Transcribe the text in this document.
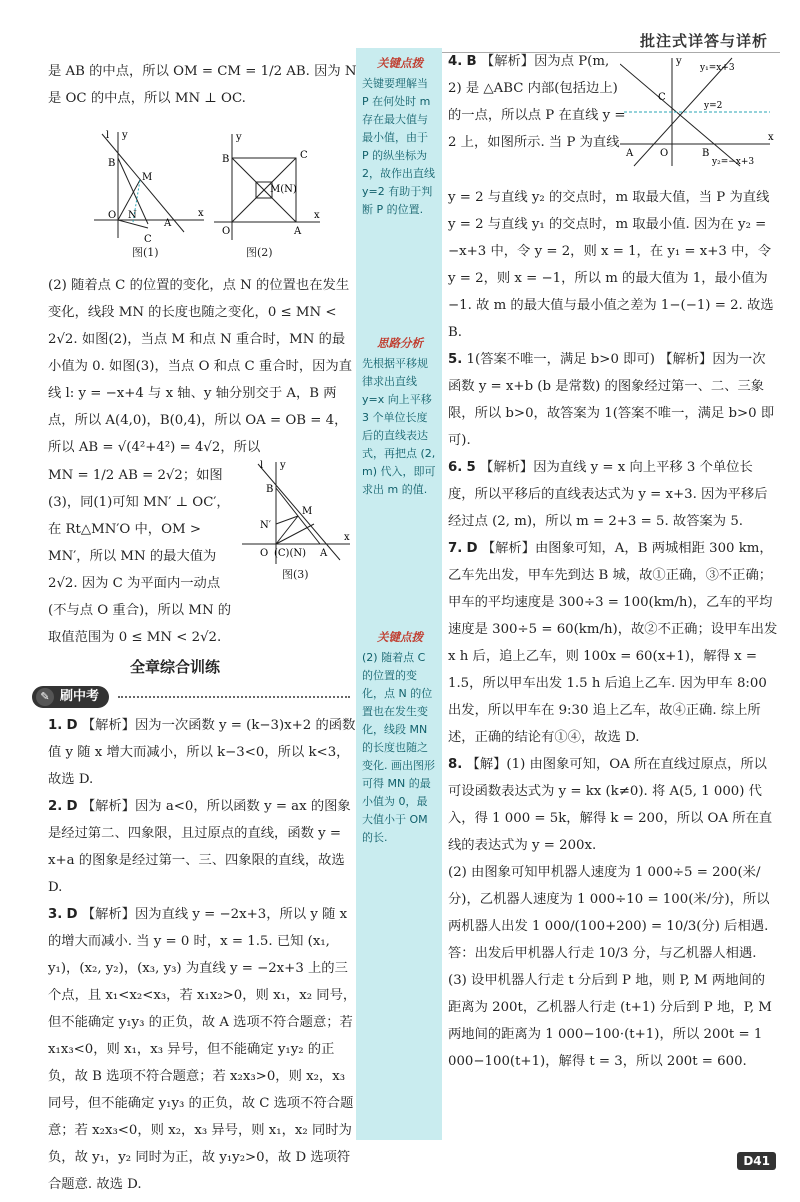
批注式详答与详析
关键点拨
关键要理解当 P 在何处时 m 存在最大值与最小值，由于 P 的纵坐标为 2，故作出直线 y=2 有助于判断 P 的位置.
思路分析
先根据平移规律求出直线 y=x 向上平移 3 个单位长度后的直线表达式，再把点 (2, m) 代入，即可求出 m 的值.
关键点拨
(2) 随着点 C 的位置的变化，点 N 的位置也在发生变化，线段 MN 的长度也随之变化. 画出图形可得 MN 的最小值为 0，最大值小于 OM 的长.

是 AB 的中点，所以 OM = CM = 1/2 AB. 因为 N

是 OC 的中点，所以 MN ⊥ OC.

l y
x
B
M
O N
A
C
图(1)
y
x
B	C
M(N)
O	A
图(2)

(2) 随着点 C 的位置的变化，点 N 的位置也在发生变化，线段 MN 的长度也随之变化，0 ≤ MN < 2√2. 如图(2)，当点 M 和点 N 重合时，MN 的最小值为 0. 如图(3)，当点 O 和点 C 重合时，因为直线 l: y = −x+4 与 x 轴、y 轴分别交于 A，B 两点，所以 A(4,0)，B(0,4)，所以 OA = OB = 4，所以 AB = √(4²+4²) = 4√2，所以

MN = 1/2 AB = 2√2；如图(3)，同(1)可知 MN′ ⊥ OC′，在 Rt△MN′O 中，OM > MN′，所以 MN 的最大值为 2√2. 因为 C 为平面内一动点(不与点 O 重合)，所以 MN 的取值范围为 0 ≤ MN < 2√2.

l y
x
B
M
N′
O (C)(N) A
图(3)
全章综合训练
✎ 刷中考

1. D 【解析】因为一次函数 y = (k−3)x+2 的函数值 y 随 x 增大而减小，所以 k−3<0，所以 k<3，故选 D.

2. D 【解析】因为 a<0，所以函数 y = ax 的图象是经过第二、四象限，且过原点的直线，函数 y = x+a 的图象是经过第一、三、四象限的直线，故选 D.

3. D 【解析】因为直线 y = −2x+3，所以 y 随 x 的增大而减小. 当 y = 0 时，x = 1.5. 已知 (x₁, y₁)，(x₂, y₂)，(x₃, y₃) 为直线 y = −2x+3 上的三个点，且 x₁<x₂<x₃，若 x₁x₂>0，则 x₁，x₂ 同号，但不能确定 y₁y₃ 的正负，故 A 选项不符合题意；若 x₁x₃<0，则 x₁，x₃ 异号，但不能确定 y₁y₂ 的正负，故 B 选项不符合题意；若 x₂x₃>0，则 x₂，x₃ 同号，但不能确定 y₁y₃ 的正负，故 C 选项不符合题意；若 x₂x₃<0，则 x₂，x₃ 异号，则 x₁，x₂ 同时为负，故 y₁，y₂ 同时为正，故 y₁y₂>0，故 D 选项符合题意. 故选 D.

4. B 【解析】因为点 P(m, 2) 是 △ABC 内部(包括边上)的一点，所以点 P 在直线 y = 2 上，如图所示. 当 P 为直线

y
x
y₁=x+3
y=2
y₂=−x+3
C
A	O	B

y = 2 与直线 y₂ 的交点时，m 取最大值，当 P 为直线 y = 2 与直线 y₁ 的交点时，m 取最小值. 因为在 y₂ = −x+3 中，令 y = 2，则 x = 1，在 y₁ = x+3 中，令 y = 2，则 x = −1，所以 m 的最大值为 1，最小值为 −1. 故 m 的最大值与最小值之差为 1−(−1) = 2. 故选 B.

5. 1(答案不唯一，满足 b>0 即可) 【解析】因为一次函数 y = x+b (b 是常数) 的图象经过第一、二、三象限，所以 b>0，故答案为 1(答案不唯一，满足 b>0 即可).

6. 5 【解析】因为直线 y = x 向上平移 3 个单位长度，所以平移后的直线表达式为 y = x+3. 因为平移后经过点 (2, m)，所以 m = 2+3 = 5. 故答案为 5.

7. D 【解析】由图象可知，A，B 两城相距 300 km，乙车先出发，甲车先到达 B 城，故①正确，③不正确；甲车的平均速度是 300÷3 = 100(km/h)，乙车的平均速度是 300÷5 = 60(km/h)，故②不正确；设甲车出发 x h 后，追上乙车，则 100x = 60(x+1)，解得 x = 1.5，所以甲车出发 1.5 h 后追上乙车. 因为甲车 8:00 出发，所以甲车在 9:30 追上乙车，故④正确. 综上所述，正确的结论有①④，故选 D.

8. 【解】(1) 由图象可知，OA 所在直线过原点，所以可设函数表达式为 y = kx (k≠0). 将 A(5, 1 000) 代入，得 1 000 = 5k，解得 k = 200，所以 OA 所在直线的表达式为 y = 200x.

(2) 由图象可知甲机器人速度为 1 000÷5 = 200(米/分)，乙机器人速度为 1 000÷10 = 100(米/分)，所以两机器人出发 1 000/(100+200) = 10/3(分) 后相遇.

答：出发后甲机器人行走 10/3 分，与乙机器人相遇.

(3) 设甲机器人行走 t 分后到 P 地，则 P, M 两地间的距离为 200t，乙机器人行走 (t+1) 分后到 P 地，P, M 两地间的距离为 1 000−100·(t+1)，所以 200t = 1 000−100(t+1)，解得 t = 3，所以 200t = 600.

D41
